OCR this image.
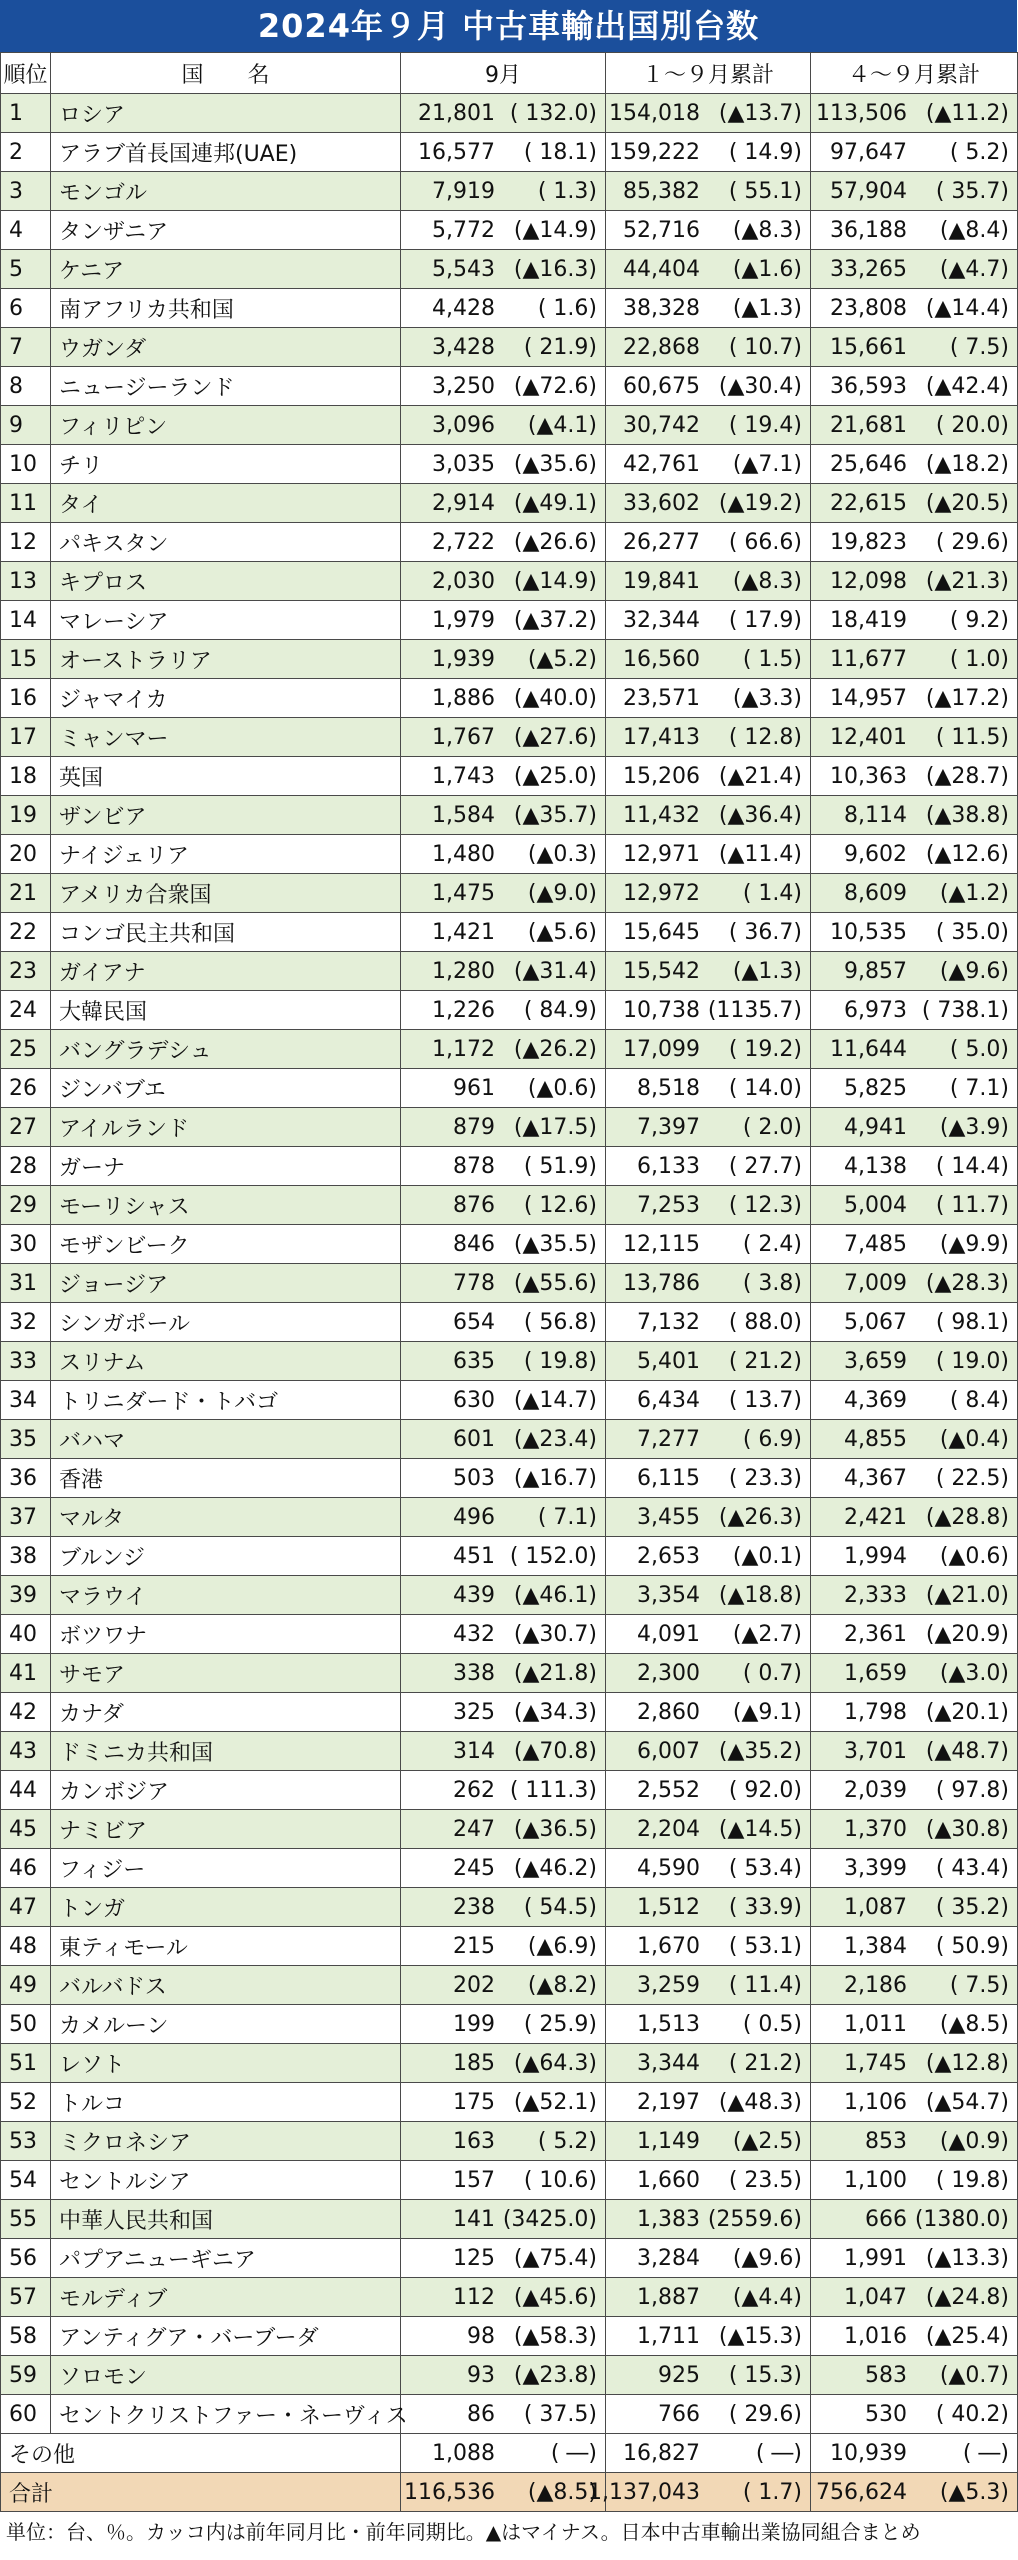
2024年９月 中古車輸出国別台数
順位	国　　名	9月	１～９月累計	４～９月累計
1	ロシア	21,801 ( 132.0)	154,018 (▲13.7)	113,506 (▲11.2)

2	アラブ首長国連邦(UAE)	16,577 ( 18.1)	159,222 ( 14.9)	97,647 ( 5.2)

3	モンゴル	7,919 ( 1.3)	85,382 ( 55.1)	57,904 ( 35.7)

4	タンザニア	5,772 (▲14.9)	52,716 (▲8.3)	36,188 (▲8.4)

5	ケニア	5,543 (▲16.3)	44,404 (▲1.6)	33,265 (▲4.7)

6	南アフリカ共和国	4,428 ( 1.6)	38,328 (▲1.3)	23,808 (▲14.4)

7	ウガンダ	3,428 ( 21.9)	22,868 ( 10.7)	15,661 ( 7.5)

8	ニュージーランド	3,250 (▲72.6)	60,675 (▲30.4)	36,593 (▲42.4)

9	フィリピン	3,096 (▲4.1)	30,742 ( 19.4)	21,681 ( 20.0)

10	チリ	3,035 (▲35.6)	42,761 (▲7.1)	25,646 (▲18.2)

11	タイ	2,914 (▲49.1)	33,602 (▲19.2)	22,615 (▲20.5)

12	パキスタン	2,722 (▲26.6)	26,277 ( 66.6)	19,823 ( 29.6)

13	キプロス	2,030 (▲14.9)	19,841 (▲8.3)	12,098 (▲21.3)

14	マレーシア	1,979 (▲37.2)	32,344 ( 17.9)	18,419 ( 9.2)

15	オーストラリア	1,939 (▲5.2)	16,560 ( 1.5)	11,677 ( 1.0)

16	ジャマイカ	1,886 (▲40.0)	23,571 (▲3.3)	14,957 (▲17.2)

17	ミャンマー	1,767 (▲27.6)	17,413 ( 12.8)	12,401 ( 11.5)

18	英国	1,743 (▲25.0)	15,206 (▲21.4)	10,363 (▲28.7)

19	ザンビア	1,584 (▲35.7)	11,432 (▲36.4)	8,114 (▲38.8)

20	ナイジェリア	1,480 (▲0.3)	12,971 (▲11.4)	9,602 (▲12.6)

21	アメリカ合衆国	1,475 (▲9.0)	12,972 ( 1.4)	8,609 (▲1.2)

22	コンゴ民主共和国	1,421 (▲5.6)	15,645 ( 36.7)	10,535 ( 35.0)

23	ガイアナ	1,280 (▲31.4)	15,542 (▲1.3)	9,857 (▲9.6)

24	大韓民国	1,226 ( 84.9)	10,738 (1135.7)	6,973 ( 738.1)

25	バングラデシュ	1,172 (▲26.2)	17,099 ( 19.2)	11,644 ( 5.0)

26	ジンバブエ	961 (▲0.6)	8,518 ( 14.0)	5,825 ( 7.1)

27	アイルランド	879 (▲17.5)	7,397 ( 2.0)	4,941 (▲3.9)

28	ガーナ	878 ( 51.9)	6,133 ( 27.7)	4,138 ( 14.4)

29	モーリシャス	876 ( 12.6)	7,253 ( 12.3)	5,004 ( 11.7)

30	モザンビーク	846 (▲35.5)	12,115 ( 2.4)	7,485 (▲9.9)

31	ジョージア	778 (▲55.6)	13,786 ( 3.8)	7,009 (▲28.3)

32	シンガポール	654 ( 56.8)	7,132 ( 88.0)	5,067 ( 98.1)

33	スリナム	635 ( 19.8)	5,401 ( 21.2)	3,659 ( 19.0)

34	トリニダード・トバゴ	630 (▲14.7)	6,434 ( 13.7)	4,369 ( 8.4)

35	バハマ	601 (▲23.4)	7,277 ( 6.9)	4,855 (▲0.4)

36	香港	503 (▲16.7)	6,115 ( 23.3)	4,367 ( 22.5)

37	マルタ	496 ( 7.1)	3,455 (▲26.3)	2,421 (▲28.8)

38	ブルンジ	451 ( 152.0)	2,653 (▲0.1)	1,994 (▲0.6)

39	マラウイ	439 (▲46.1)	3,354 (▲18.8)	2,333 (▲21.0)

40	ボツワナ	432 (▲30.7)	4,091 (▲2.7)	2,361 (▲20.9)

41	サモア	338 (▲21.8)	2,300 ( 0.7)	1,659 (▲3.0)

42	カナダ	325 (▲34.3)	2,860 (▲9.1)	1,798 (▲20.1)

43	ドミニカ共和国	314 (▲70.8)	6,007 (▲35.2)	3,701 (▲48.7)

44	カンボジア	262 ( 111.3)	2,552 ( 92.0)	2,039 ( 97.8)

45	ナミビア	247 (▲36.5)	2,204 (▲14.5)	1,370 (▲30.8)

46	フィジー	245 (▲46.2)	4,590 ( 53.4)	3,399 ( 43.4)

47	トンガ	238 ( 54.5)	1,512 ( 33.9)	1,087 ( 35.2)

48	東ティモール	215 (▲6.9)	1,670 ( 53.1)	1,384 ( 50.9)

49	バルバドス	202 (▲8.2)	3,259 ( 11.4)	2,186 ( 7.5)

50	カメルーン	199 ( 25.9)	1,513 ( 0.5)	1,011 (▲8.5)

51	レソト	185 (▲64.3)	3,344 ( 21.2)	1,745 (▲12.8)

52	トルコ	175 (▲52.1)	2,197 (▲48.3)	1,106 (▲54.7)

53	ミクロネシア	163 ( 5.2)	1,149 (▲2.5)	853 (▲0.9)

54	セントルシア	157 ( 10.6)	1,660 ( 23.5)	1,100 ( 19.8)

55	中華人民共和国	141 (3425.0)	1,383 (2559.6)	666 (1380.0)

56	パプアニューギニア	125 (▲75.4)	3,284 (▲9.6)	1,991 (▲13.3)

57	モルディブ	112 (▲45.6)	1,887 (▲4.4)	1,047 (▲24.8)

58	アンティグア・バーブーダ	98 (▲58.3)	1,711 (▲15.3)	1,016 (▲25.4)

59	ソロモン	93 (▲23.8)	925 ( 15.3)	583 (▲0.7)

60	セントクリストファー・ネーヴィス	86 ( 37.5)	766 ( 29.6)	530 ( 40.2)

その他		1,088 ( ―)	16,827 ( ―)	10,939 ( ―)

合計		116,536 (▲8.5)	1,137,043 ( 1.7)	756,624 (▲5.3)
単位：台、％。カッコ内は前年同月比・前年同期比。▲はマイナス。日本中古車輸出業協同組合まとめ
